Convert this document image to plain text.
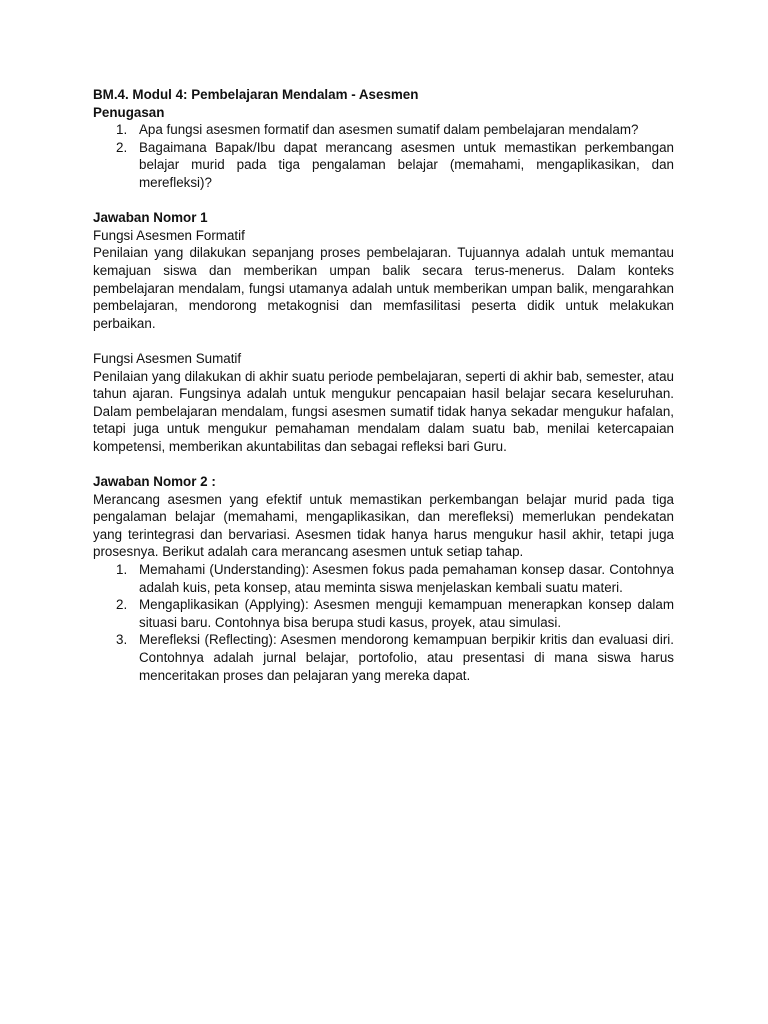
BM.4. Modul 4: Pembelajaran Mendalam - Asesmen
Penugasan
1. Apa fungsi asesmen formatif dan asesmen sumatif dalam pembelajaran mendalam?
2. Bagaimana Bapak/Ibu dapat merancang asesmen untuk memastikan perkembangan belajar murid pada tiga pengalaman belajar (memahami, mengaplikasikan, dan merefleksi)?
Jawaban Nomor 1
Fungsi Asesmen Formatif
Penilaian yang dilakukan sepanjang proses pembelajaran. Tujuannya adalah untuk memantau kemajuan siswa dan memberikan umpan balik secara terus-menerus. Dalam konteks pembelajaran mendalam, fungsi utamanya adalah untuk memberikan umpan balik, mengarahkan pembelajaran, mendorong metakognisi dan memfasilitasi peserta didik untuk melakukan perbaikan.
Fungsi Asesmen Sumatif
Penilaian yang dilakukan di akhir suatu periode pembelajaran, seperti di akhir bab, semester, atau tahun ajaran. Fungsinya adalah untuk mengukur pencapaian hasil belajar secara keseluruhan. Dalam pembelajaran mendalam, fungsi asesmen sumatif tidak hanya sekadar mengukur hafalan, tetapi juga untuk mengukur pemahaman mendalam dalam suatu bab, menilai ketercapaian kompetensi, memberikan akuntabilitas dan sebagai refleksi bari Guru.
Jawaban Nomor 2 :
Merancang asesmen yang efektif untuk memastikan perkembangan belajar murid pada tiga pengalaman belajar (memahami, mengaplikasikan, dan merefleksi) memerlukan pendekatan yang terintegrasi dan bervariasi. Asesmen tidak hanya harus mengukur hasil akhir, tetapi juga prosesnya. Berikut adalah cara merancang asesmen untuk setiap tahap.
1. Memahami (Understanding): Asesmen fokus pada pemahaman konsep dasar. Contohnya adalah kuis, peta konsep, atau meminta siswa menjelaskan kembali suatu materi.
2. Mengaplikasikan (Applying): Asesmen menguji kemampuan menerapkan konsep dalam situasi baru. Contohnya bisa berupa studi kasus, proyek, atau simulasi.
3. Merefleksi (Reflecting): Asesmen mendorong kemampuan berpikir kritis dan evaluasi diri. Contohnya adalah jurnal belajar, portofolio, atau presentasi di mana siswa harus menceritakan proses dan pelajaran yang mereka dapat.
